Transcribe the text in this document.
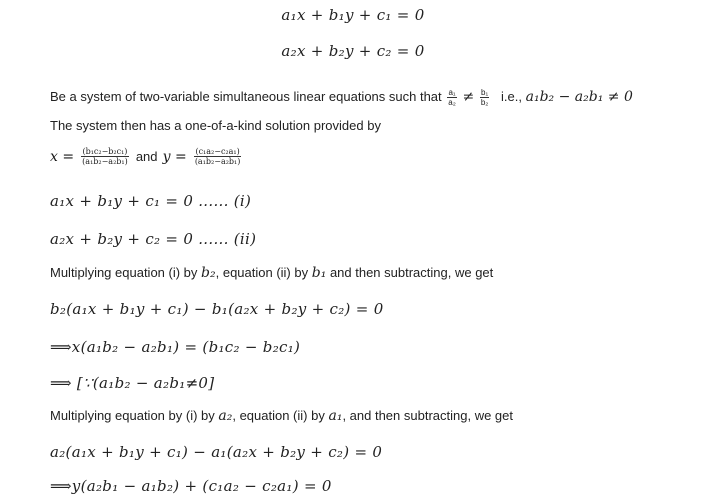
a₁x + b₁y + c₁ = 0
a₂x + b₂y + c₂ = 0
Be a system of two-variable simultaneous linear equations such that $\frac{\text{a₁}}{\text{a₂}} \ne \frac{\text{b₁}}{\text{b₂}} i.e$., a₁b₂ − a₂b₁ ≠ 0
The system then has a one-of-a-kind solution provided by
$x = \frac{\text{(b₁c₂−b₂c₁)}}{\text{(a₁b₂−a₂b₁)}}$ and $y = \frac{\text{(c₁a₂−c₂a₁)}}{\text{(a₁b₂−a₂b₁)}}$
a₁x + b₁y + c₁ = 0 ...... (i)
a₂x + b₂y + c₂ = 0 ...... (ii)
Multiplying equation (i) by b₂, equation (ii) by b₁ and then subtracting, we get
b₂(a₁x + b₁y + c₁) − b₁(a₂x + b₂y + c₂) = 0
⟹x(a₁b₂ − a₂b₁) = (b₁c₂ − b₂c₁)
⟹ [∵(a₁b₂ − a₂b₁≠0]
Multiplying equation by (i) by a₂, equation (ii) by a₁, and then subtracting, we get
a₂(a₁x + b₁y + c₁) − a₁(a₂x + b₂y + c₂) = 0
⟹y(a₂b₁ − a₁b₂) + (c₁a₂ − c₂a₁) = 0
